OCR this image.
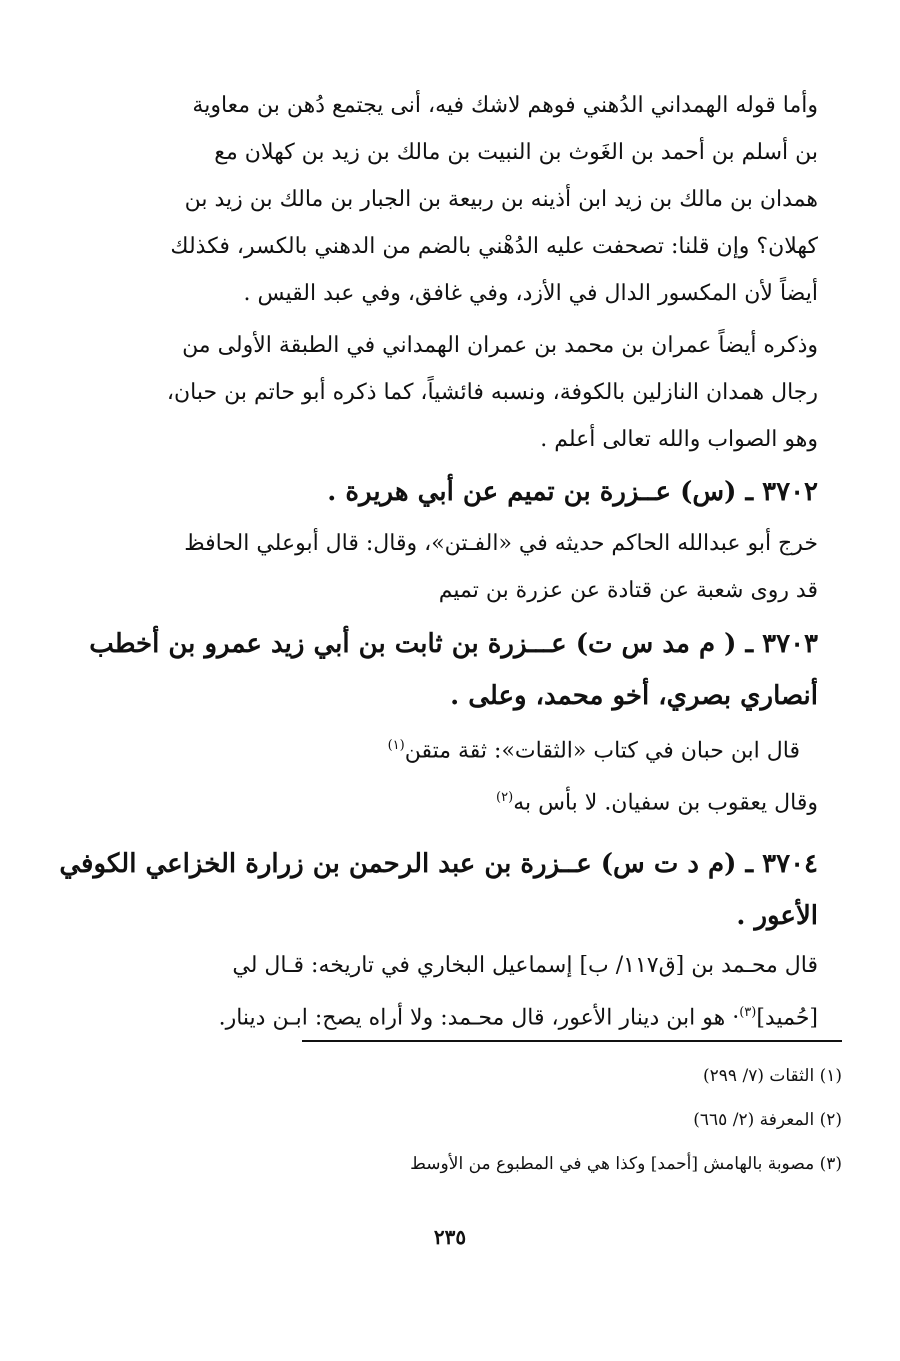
وأما قوله الهمداني الدُهني فوهم لاشك فيه، أنى يجتمع دُهن بن معاوية
بن أسلم بن أحمد بن الغَوث بن النبيت بن مالك بن زيد بن كهلان مع
همدان بن مالك بن زيد ابن أذينه بن ربيعة بن الجبار بن مالك بن زيد بن
كهلان؟ وإن قلنا: تصحفت عليه الدُهْني بالضم من الدهني بالكسر، فكذلك
أيضاً لأن المكسور الدال في الأزد، وفي غافق، وفي عبد القيس .
وذكره أيضاً عمران بن محمد بن عمران الهمداني في الطبقة الأولى من
رجال همدان النازلين بالكوفة، ونسبه فائشياً، كما ذكره أبو حاتم بن حبان،
وهو الصواب والله تعالى أعلم .
٣٧٠٢ ـ (س) عــزرة بن تميم عن أبي هريرة .
خرج أبو عبدالله الحاكم حديثه في «الفـتن»، وقال: قال أبوعلي الحافظ
قد روى شعبة عن قتادة عن عزرة بن تميم
٣٧٠٣ ـ ( م مد س ت) عـــزرة بن ثابت بن أبي زيد عمرو بن أخطب
أنصاري بصري، أخو محمد، وعلى .
قال ابن حبان في كتاب «الثقات»: ثقة متقن$^{(١)}$
وقال يعقوب بن سفيان. لا بأس به$^{(٢)}$
٣٧٠٤ ـ (م د ت س) عــزرة بن عبد الرحمن بن زرارة الخزاعي الكوفي
الأعور .
قال محـمد بن [ق١١٧/ ب] إسماعيل البخاري في تاريخه: قـال لي
[حُميد]$^{(٣)}$· هو ابن دينار الأعور، قال محـمد: ولا أراه يصح: ابـن دينار.
(١) الثقات (٧/ ٢٩٩)
(٢) المعرفة (٢/ ٦٦٥)
(٣) مصوبة بالهامش [أحمد] وكذا هي في المطبوع من الأوسط
٢٣٥
